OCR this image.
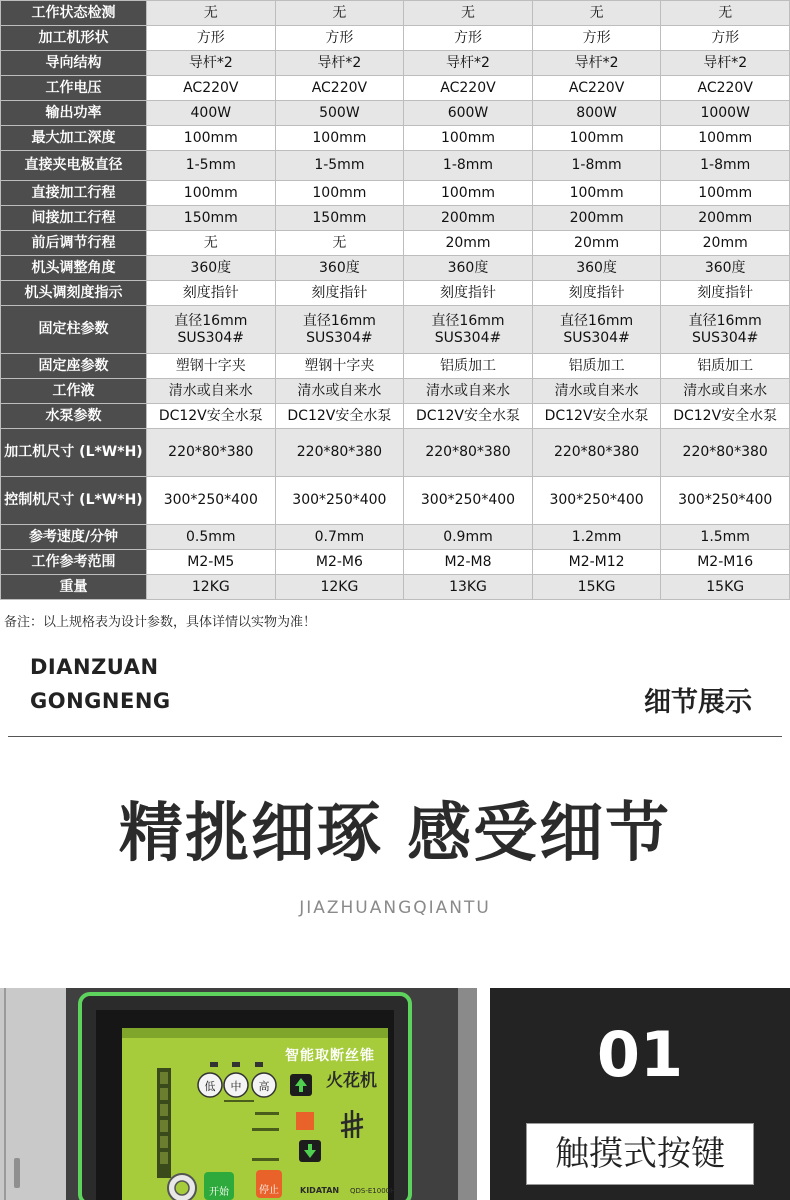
工作状态检测	无	无	无	无	无
加工机形状	方形	方形	方形	方形	方形
导向结构	导杆*2	导杆*2	导杆*2	导杆*2	导杆*2
工作电压	AC220V	AC220V	AC220V	AC220V	AC220V
输出功率	400W	500W	600W	800W	1000W
最大加工深度	100mm	100mm	100mm	100mm	100mm
直接夹电极直径	1-5mm	1-5mm	1-8mm	1-8mm	1-8mm
直接加工行程	100mm	100mm	100mm	100mm	100mm
间接加工行程	150mm	150mm	200mm	200mm	200mm
前后调节行程	无	无	20mm	20mm	20mm
机头调整角度	360度	360度	360度	360度	360度
机头调刻度指示	刻度指针	刻度指针	刻度指针	刻度指针	刻度指针
固定柱参数	直径16mm SUS304#	直径16mm SUS304#	直径16mm SUS304#	直径16mm SUS304#	直径16mm SUS304#
固定座参数	塑钢十字夹	塑钢十字夹	铝质加工	铝质加工	铝质加工
工作液	清水或自来水	清水或自来水	清水或自来水	清水或自来水	清水或自来水
水泵参数	DC12V安全水泵	DC12V安全水泵	DC12V安全水泵	DC12V安全水泵	DC12V安全水泵
加工机尺寸 (L*W*H)	220*80*380	220*80*380	220*80*380	220*80*380	220*80*380
控制机尺寸 (L*W*H)	300*250*400	300*250*400	300*250*400	300*250*400	300*250*400
参考速度/分钟	0.5mm	0.7mm	0.9mm	1.2mm	1.5mm
工作参考范围	M2-M5	M2-M6	M2-M8	M2-M12	M2-M16
重量	12KG	12KG	13KG	15KG	15KG
备注：以上规格表为设计参数，具体详情以实物为准！
DIANZUAN
GONGNENG	细节展示
精挑细琢 感受细节
JIAZHUANGQIANTU
智能取断丝锥
火花机
低 中 高
开始	停止	KIDATAN QDS-E1000H
01
触摸式按键
